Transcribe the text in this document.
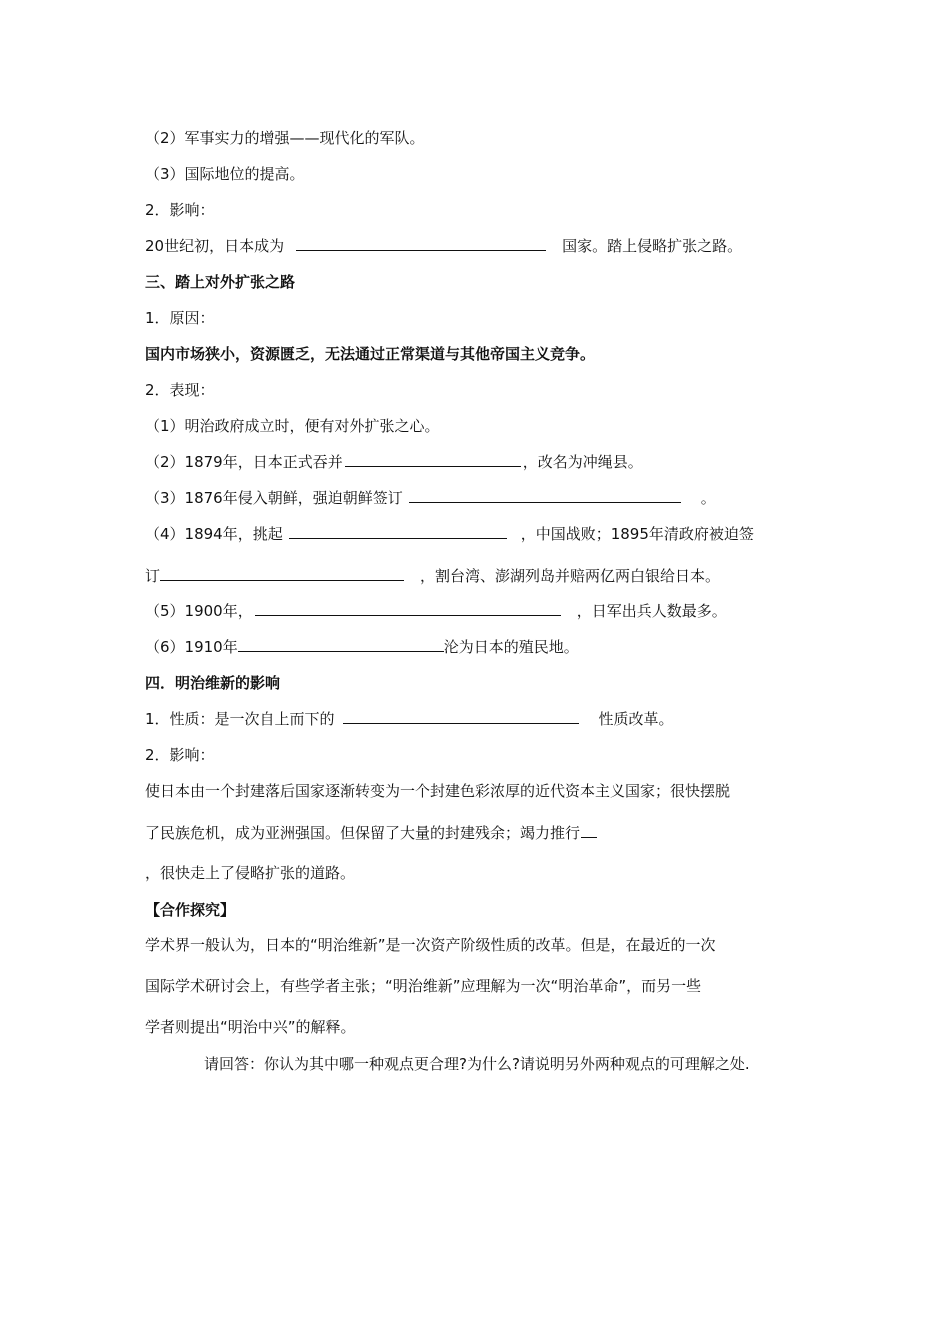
（2）军事实力的增强——现代化的军队。
（3）国际地位的提高。
2．影响：
20世纪初，日本成为	国家。踏上侵略扩张之路。
三、踏上对外扩张之路
1．原因：
国内市场狭小，资源匮乏，无法通过正常渠道与其他帝国主义竞争。
2．表现：
（1）明治政府成立时，便有对外扩张之心。
（2）1879年，日本正式吞并	，改名为冲绳县。
（3）1876年侵入朝鲜，强迫朝鲜签订	。
（4）1894年，挑起	，中国战败；1895年清政府被迫签
订	，割台湾、澎湖列岛并赔两亿两白银给日本。
（5）1900年，	，日军出兵人数最多。
（6）1910年	沦为日本的殖民地。
四．明治维新的影响
1．性质：是一次自上而下的	性质改革。
2．影响：
使日本由一个封建落后国家逐渐转变为一个封建色彩浓厚的近代资本主义国家；很快摆脱
了民族危机，成为亚洲强国。但保留了大量的封建残余；竭力推行
，很快走上了侵略扩张的道路。
【合作探究】
学术界一般认为，日本的“明治维新”是一次资产阶级性质的改革。但是，在最近的一次
国际学术研讨会上，有些学者主张；“明治维新”应理解为一次“明治革命”，而另一些
学者则提出“明治中兴”的解释。
请回答：你认为其中哪一种观点更合理?为什么?请说明另外两种观点的可理解之处.
